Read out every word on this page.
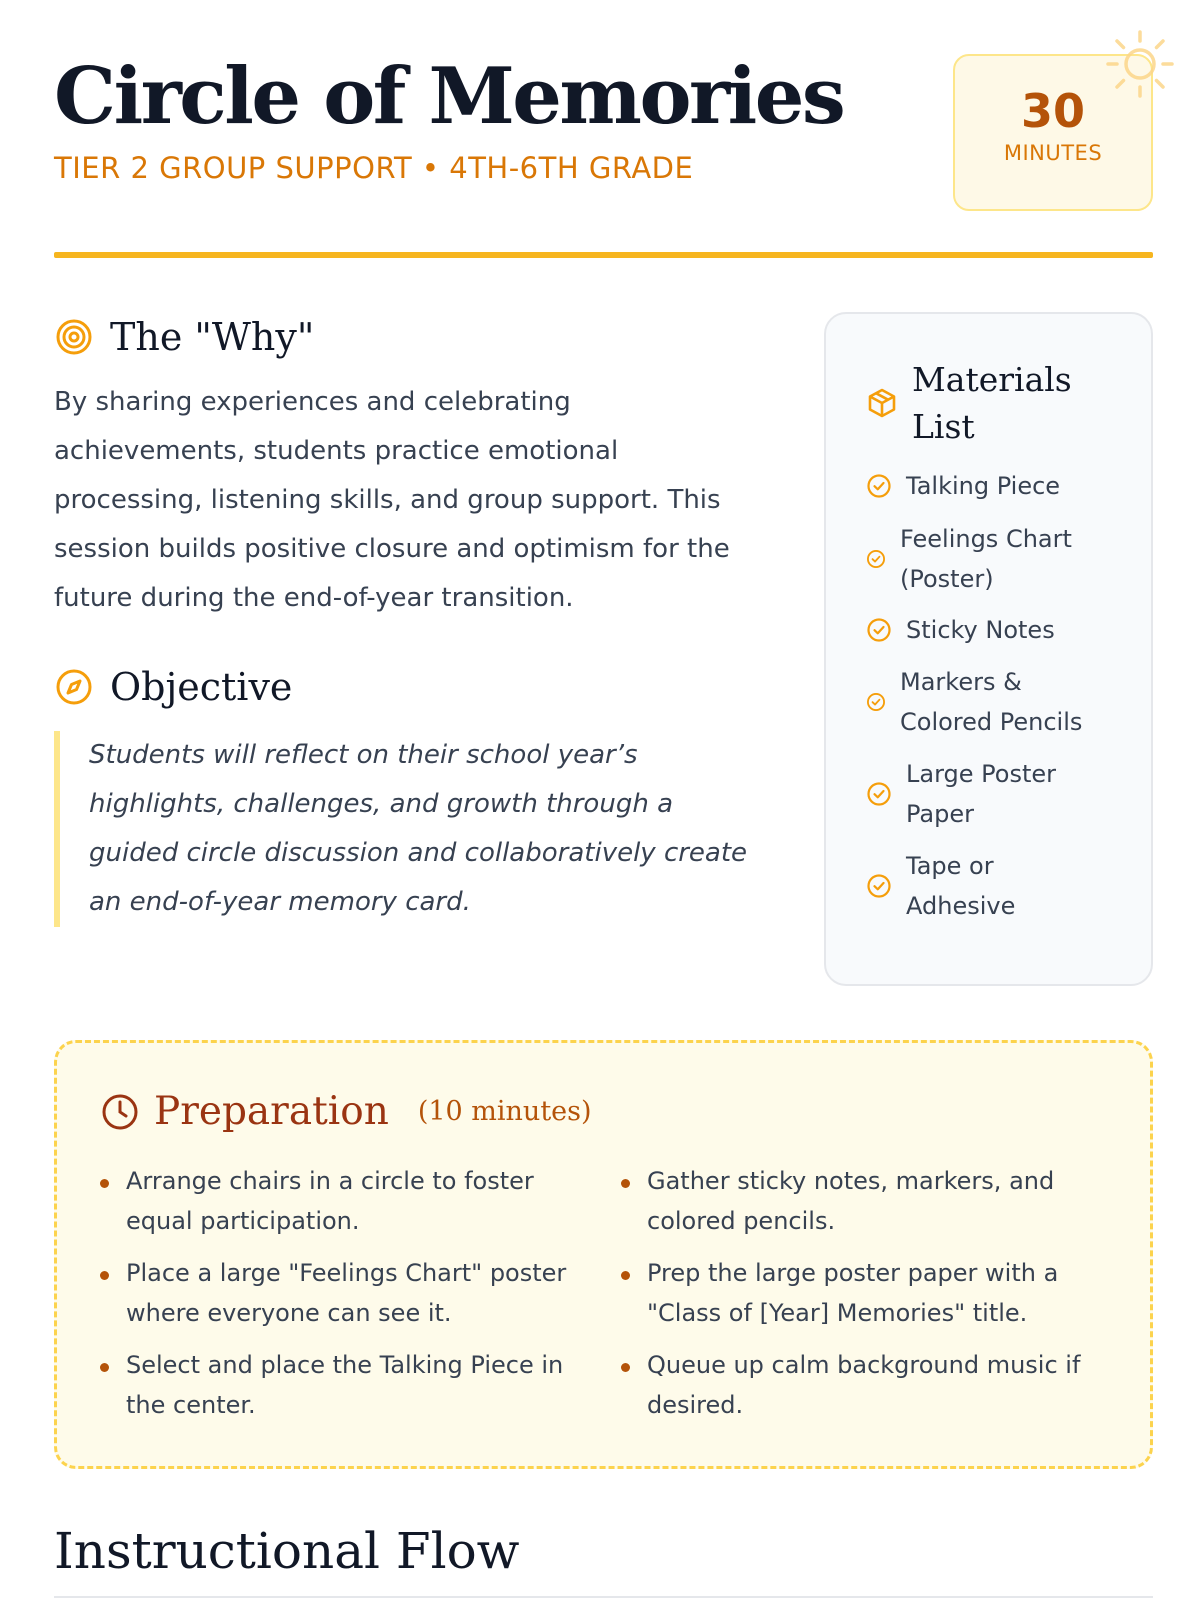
Circle of Memories
TIER 2 GROUP SUPPORT • 4TH-6TH GRADE
30
MINUTES
The "Why"
By sharing experiences and celebrating
achievements, students practice emotional
processing, listening skills, and group support. This
session builds positive closure and optimism for the
future during the end-of-year transition.
Objective
Students will reflect on their school year’s
highlights, challenges, and growth through a
guided circle discussion and collaboratively create
an end-of-year memory card.
Materials
List
Talking Piece
Feelings Chart
(Poster)
Sticky Notes
Markers &
Colored Pencils
Large Poster
Paper
Tape or
Adhesive
Preparation (10 minutes)
Arrange chairs in a circle to foster
equal participation.
Place a large "Feelings Chart" poster
where everyone can see it.
Select and place the Talking Piece in
the center.
Gather sticky notes, markers, and
colored pencils.
Prep the large poster paper with a
"Class of [Year] Memories" title.
Queue up calm background music if
desired.
Instructional Flow
